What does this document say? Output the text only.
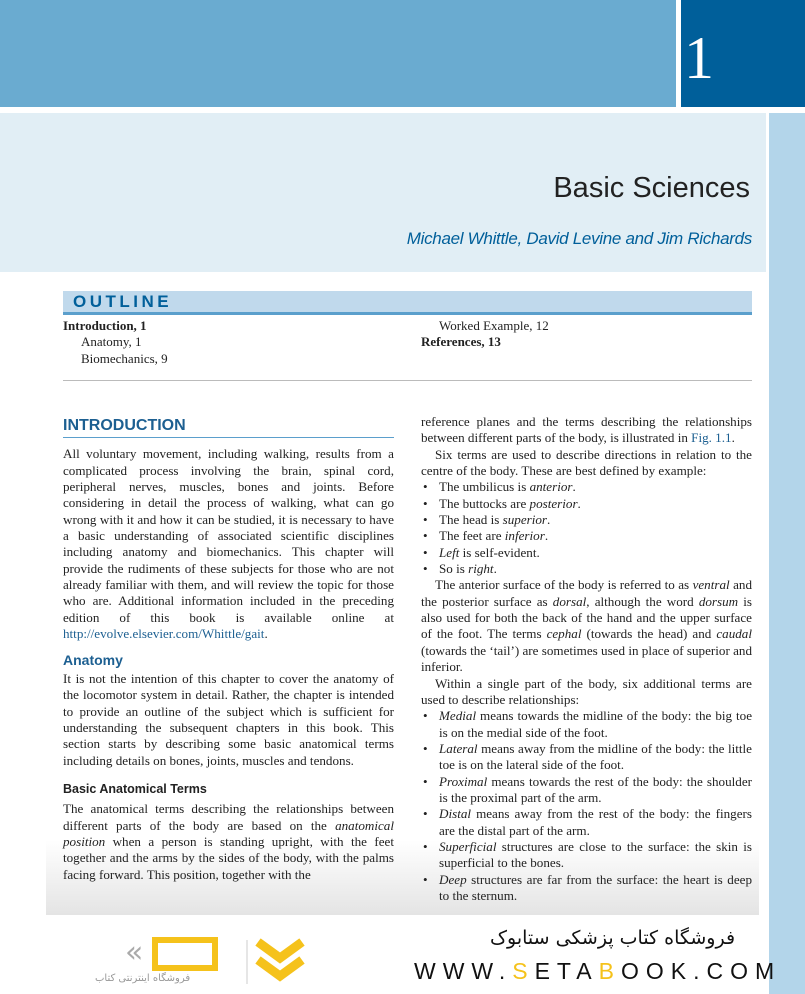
1
Basic Sciences
Michael Whittle, David Levine and Jim Richards
OUTLINE
Introduction, 1
Anatomy, 1
Biomechanics, 9
Worked Example, 12
References, 13
INTRODUCTION

All voluntary movement, including walking, results from a complicated process involving the brain, spinal cord, peripheral nerves, muscles, bones and joints. Before considering in detail the process of walking, what can go wrong with it and how it can be studied, it is necessary to have a basic understanding of associated scientific disciplines including anatomy and biomechanics. This chapter will provide the rudiments of these subjects for those who are not already familiar with them, and will review the topic for those who are. Additional information included in the preceding edition of this book is available online at http://evolve.elsevier.com/Whittle/gait.

Anatomy

It is not the intention of this chapter to cover the anatomy of the locomotor system in detail. Rather, the chapter is intended to provide an outline of the subject which is sufficient for understanding the subsequent chapters in this book. This section starts by describing some basic anatomical terms including details on bones, joints, muscles and tendons.

Basic Anatomical Terms

The anatomical terms describing the relationships between different parts of the body are based on the anatomical position when a person is standing upright, with the feet together and the arms by the sides of the body, with the palms facing forward. This position, together with the

reference planes and the terms describing the relationships between different parts of the body, is illustrated in Fig. 1.1.

Six terms are used to describe directions in relation to the centre of the body. These are best defined by example:

• The umbilicus is anterior.
• The buttocks are posterior.
• The head is superior.
• The feet are inferior.
• Left is self-evident.
• So is right.

The anterior surface of the body is referred to as ventral and the posterior surface as dorsal, although the word dorsum is also used for both the back of the hand and the upper surface of the foot. The terms cephal (towards the head) and caudal (towards the ‘tail’) are sometimes used in place of superior and inferior.

Within a single part of the body, six additional terms are used to describe relationships:

• Medial means towards the midline of the body: the big toe is on the medial side of the foot.
• Lateral means away from the midline of the body: the little toe is on the lateral side of the foot.
• Proximal means towards the rest of the body: the shoulder is the proximal part of the arm.
• Distal means away from the rest of the body: the fingers are the distal part of the arm.
• Superficial structures are close to the surface: the skin is superficial to the bones.
• Deep structures are far from the surface: the heart is deep to the sternum.
«
فروشگاه اینترنتی کتاب
فروشگاه کتاب پزشکی ستابوک
WWW.SETABOOK.COM
